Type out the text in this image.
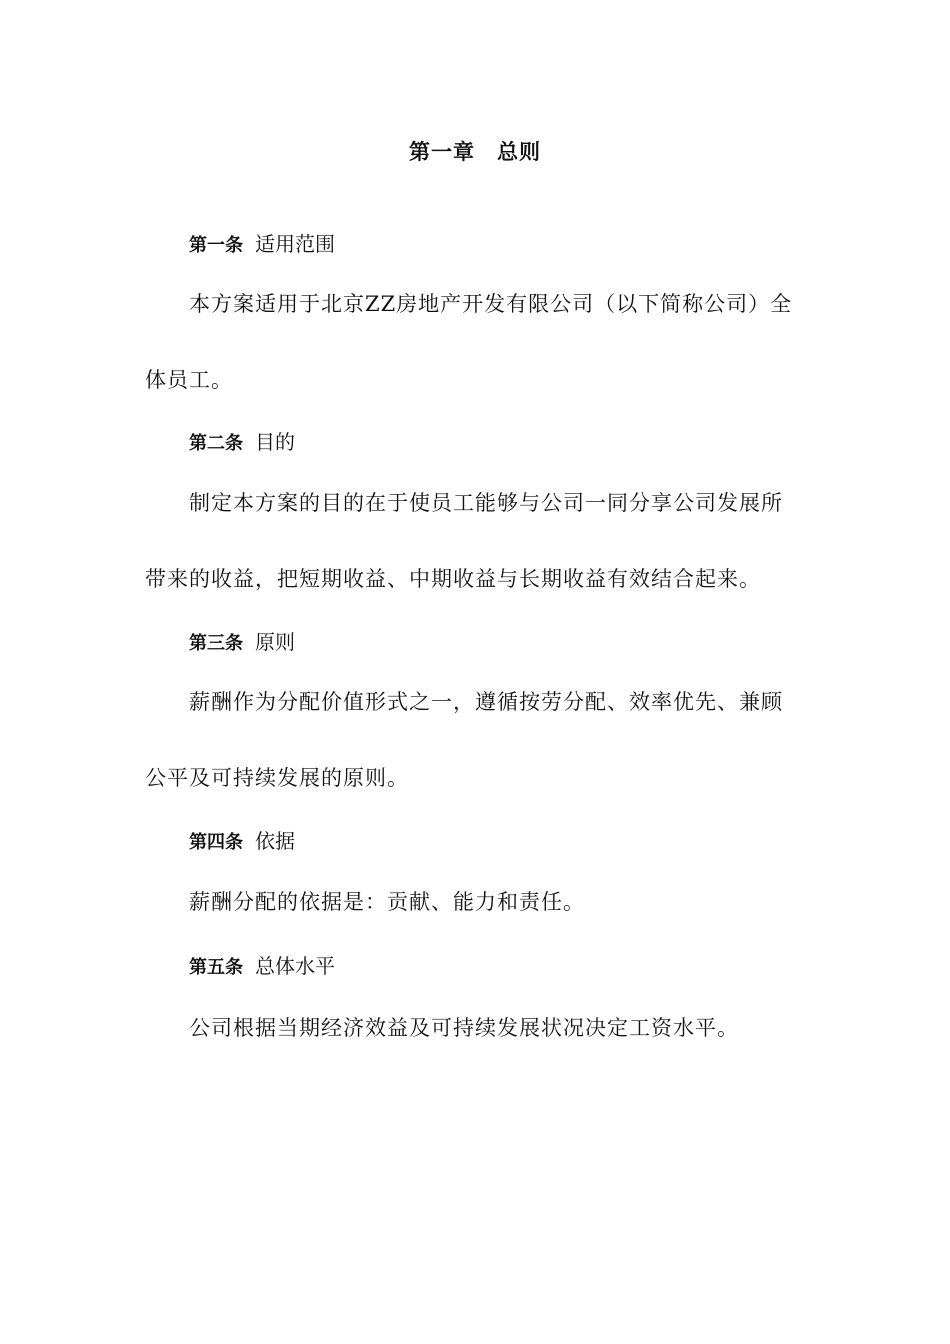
第一章　总则
第一条 适用范围
本方案适用于北京ZZ房地产开发有限公司（以下简称公司）全
体员工。
第二条 目的
制定本方案的目的在于使员工能够与公司一同分享公司发展所
带来的收益，把短期收益、中期收益与长期收益有效结合起来。
第三条 原则
薪酬作为分配价值形式之一，遵循按劳分配、效率优先、兼顾
公平及可持续发展的原则。
第四条 依据
薪酬分配的依据是：贡献、能力和责任。
第五条 总体水平
公司根据当期经济效益及可持续发展状况决定工资水平。
